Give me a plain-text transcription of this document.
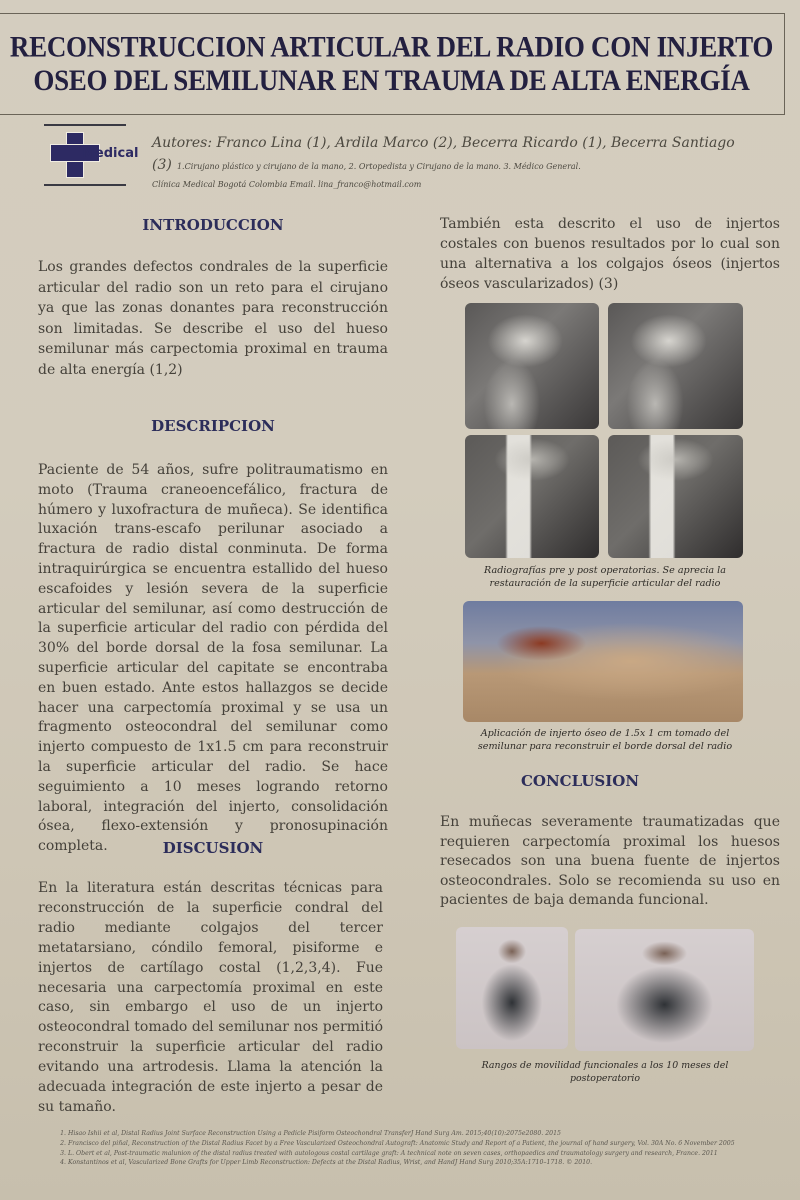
RECONSTRUCCION ARTICULAR DEL RADIO CON INJERTO OSEO DEL SEMILUNAR EN TRAUMA DE ALTA ENERGÍA
Medical
Autores: Franco Lina (1), Ardila Marco (2), Becerra Ricardo (1), Becerra Santiago (3) 1.Cirujano plástico y cirujano de la mano, 2. Ortopedista y Cirujano de la mano. 3. Médico General.
Clínica Medical Bogotá Colombia Email. lina_franco@hotmail.com
INTRODUCCION

Los grandes defectos condrales de la superficie articular del radio son un reto para el cirujano ya que las zonas donantes para reconstrucción son limitadas. Se describe el uso del hueso semilunar más carpectomia proximal en trauma de alta energía (1,2)

DESCRIPCION

Paciente de 54 años, sufre politraumatismo en moto (Trauma craneoencefálico, fractura de húmero y luxofractura de muñeca). Se identifica luxación trans-escafo perilunar asociado a fractura de radio distal conminuta. De forma intraquirúrgica se encuentra estallido del hueso escafoides y lesión severa de la superficie articular del semilunar, así como destrucción de la superficie articular del radio con pérdida del 30% del borde dorsal de la fosa semilunar. La superficie articular del capitate se encontraba en buen estado. Ante estos hallazgos se decide hacer una carpectomía proximal y se usa un fragmento osteocondral del semilunar como injerto compuesto de 1x1.5 cm para reconstruir la superficie articular del radio. Se hace seguimiento a 10 meses logrando retorno laboral, integración del injerto, consolidación ósea, flexo-extensión y pronosupinación completa.	DISCUSION

En la literatura están descritas técnicas para reconstrucción de la superficie condral del radio mediante colgajos del tercer metatarsiano, cóndilo femoral, pisiforme e injertos de cartílago costal (1,2,3,4). Fue necesaria una carpectomía proximal en este caso, sin embargo el uso de un injerto osteocondral tomado del semilunar nos permitió reconstruir la superficie articular del radio evitando una artrodesis. Llama la atención la adecuada integración de este injerto a pesar de su tamaño.

También esta descrito el uso de injertos costales con buenos resultados por lo cual son una alternativa a los colgajos óseos (injertos óseos vascularizados) (3)

Radiografías pre y post operatorias. Se aprecia la restauración de la superficie articular del radio

Aplicación de injerto óseo de 1.5x 1 cm tomado del semilunar para reconstruir el borde dorsal del radio

CONCLUSION

En muñecas severamente traumatizadas que requieren carpectomía proximal los huesos resecados son una buena fuente de injertos osteocondrales. Solo se recomienda su uso en pacientes de baja demanda funcional.

Rangos de movilidad funcionales a los 10 meses del postoperatorio

1. Hisao Ishii et al, Distal Radius Joint Surface Reconstruction Using a Pedicle Pisiform Osteochondral TransferJ Hand Surg Am. 2015;40(10):2075e2080. 2015
2. Francisco del piñal, Reconstruction of the Distal Radius Facet by a Free Vascularized Osteochondral Autograft: Anatomic Study and Report of a Patient, the journal of hand surgery, Vol. 30A No. 6 November 2005
3. L. Obert et al, Post-traumatic malunion of the distal radius treated with autologous costal cartilage graft: A technical note on seven cases, orthopaedics and traumatology surgery and research, France. 2011
4. Konstantinos et al, Vascularized Bone Grafts for Upper Limb Reconstruction: Defects at the Distal Radius, Wrist, and HandJ Hand Surg 2010;35A:1710–1718. © 2010.
